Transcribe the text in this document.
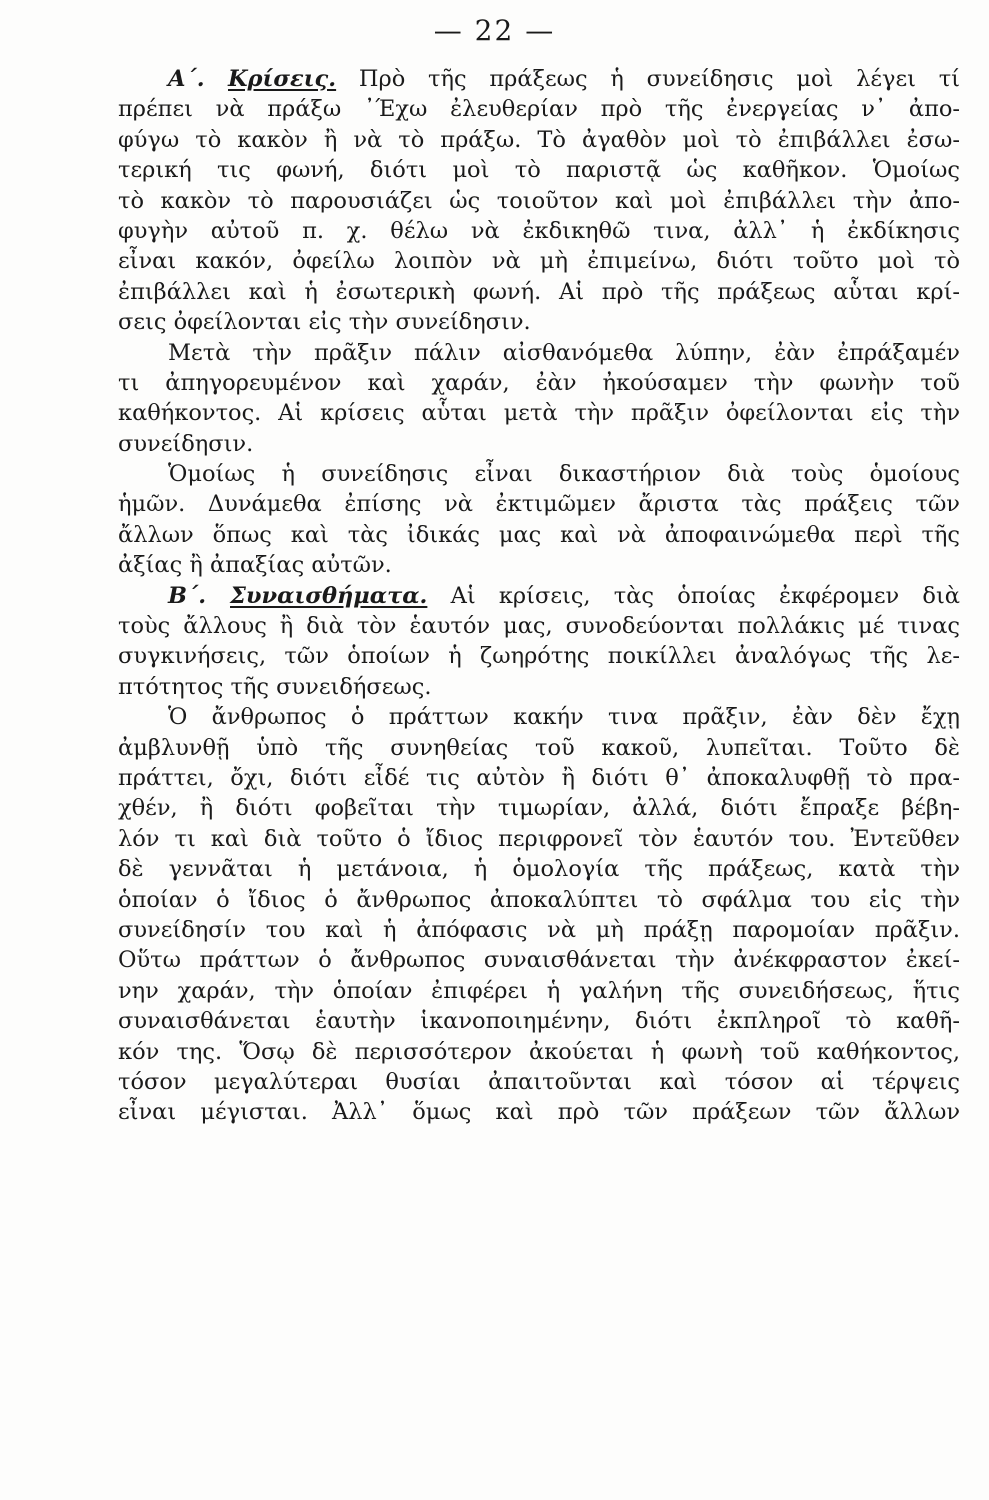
— 22 —
Α΄. Κρίσεις. Πρὸ τῆς πράξεως ἡ συνείδησις μοὶ λέγει τί
πρέπει νὰ πράξω ᾿Έχω ἐλευθερίαν πρὸ τῆς ἐνεργείας ν᾿ ἀπο-
φύγω τὸ κακὸν ἢ νὰ τὸ πράξω. Τὸ ἀγαθὸν μοὶ τὸ ἐπιβάλλει ἐσω-
τερική τις φωνή, διότι μοὶ τὸ παριστᾷ ὡς καθῆκον. Ὁμοίως
τὸ κακὸν τὸ παρουσιάζει ὡς τοιοῦτον καὶ μοὶ ἐπιβάλλει τὴν ἀπο-
φυγὴν αὐτοῦ π. χ. θέλω νὰ ἐκδικηθῶ τινα, ἀλλ᾿ ἡ ἐκδίκησις
εἶναι κακόν, ὀφείλω λοιπὸν νὰ μὴ ἐπιμείνω, διότι τοῦτο μοὶ τὸ
ἐπιβάλλει καὶ ἡ ἐσωτερικὴ φωνή. Αἱ πρὸ τῆς πράξεως αὗται κρί-
σεις ὀφείλονται εἰς τὴν συνείδησιν.
Μετὰ τὴν πρᾶξιν πάλιν αἰσθανόμεθα λύπην, ἐὰν ἐπράξαμέν
τι ἀπηγορευμένον καὶ χαράν, ἐὰν ἠκούσαμεν τὴν φωνὴν τοῦ
καθήκοντος. Αἱ κρίσεις αὗται μετὰ τὴν πρᾶξιν ὀφείλονται εἰς τὴν
συνείδησιν.
Ὁμοίως ἡ συνείδησις εἶναι δικαστήριον διὰ τοὺς ὁμοίους
ἡμῶν. Δυνάμεθα ἐπίσης νὰ ἐκτιμῶμεν ἄριστα τὰς πράξεις τῶν
ἄλλων ὅπως καὶ τὰς ἰδικάς μας καὶ νὰ ἀποφαινώμεθα περὶ τῆς
ἀξίας ἢ ἀπαξίας αὐτῶν.
Β΄. Συναισθήματα. Αἱ κρίσεις, τὰς ὁποίας ἐκφέρομεν διὰ
τοὺς ἄλλους ἢ διὰ τὸν ἑαυτόν μας, συνοδεύονται πολλάκις μέ τινας
συγκινήσεις, τῶν ὁποίων ἡ ζωηρότης ποικίλλει ἀναλόγως τῆς λε-
πτότητος τῆς συνειδήσεως.
Ὁ ἄνθρωπος ὁ πράττων κακήν τινα πρᾶξιν, ἐὰν δὲν ἔχῃ
ἀμβλυνθῇ ὑπὸ τῆς συνηθείας τοῦ κακοῦ, λυπεῖται. Τοῦτο δὲ
πράττει, ὄχι, διότι εἶδέ τις αὐτὸν ἢ διότι θ᾿ ἀποκαλυφθῇ τὸ πρα-
χθέν, ἢ διότι φοβεῖται τὴν τιμωρίαν, ἀλλά, διότι ἔπραξε βέβη-
λόν τι καὶ διὰ τοῦτο ὁ ἴδιος περιφρονεῖ τὸν ἑαυτόν του. Ἐντεῦθεν
δὲ γεννᾶται ἡ μετάνοια, ἡ ὁμολογία τῆς πράξεως, κατὰ τὴν
ὁποίαν ὁ ἴδιος ὁ ἄνθρωπος ἀποκαλύπτει τὸ σφάλμα του εἰς τὴν
συνείδησίν του καὶ ἡ ἀπόφασις νὰ μὴ πράξῃ παρομοίαν πρᾶξιν.
Οὕτω πράττων ὁ ἄνθρωπος συναισθάνεται τὴν ἀνέκφραστον ἐκεί-
νην χαράν, τὴν ὁποίαν ἐπιφέρει ἡ γαλήνη τῆς συνειδήσεως, ἥτις
συναισθάνεται ἑαυτὴν ἱκανοποιημένην, διότι ἐκπληροῖ τὸ καθῆ-
κόν της. Ὅσῳ δὲ περισσότερον ἀκούεται ἡ φωνὴ τοῦ καθήκοντος,
τόσον μεγαλύτεραι θυσίαι ἀπαιτοῦνται καὶ τόσον αἱ τέρψεις
εἶναι μέγισται. Ἀλλ᾿ ὅμως καὶ πρὸ τῶν πράξεων τῶν ἄλλων
